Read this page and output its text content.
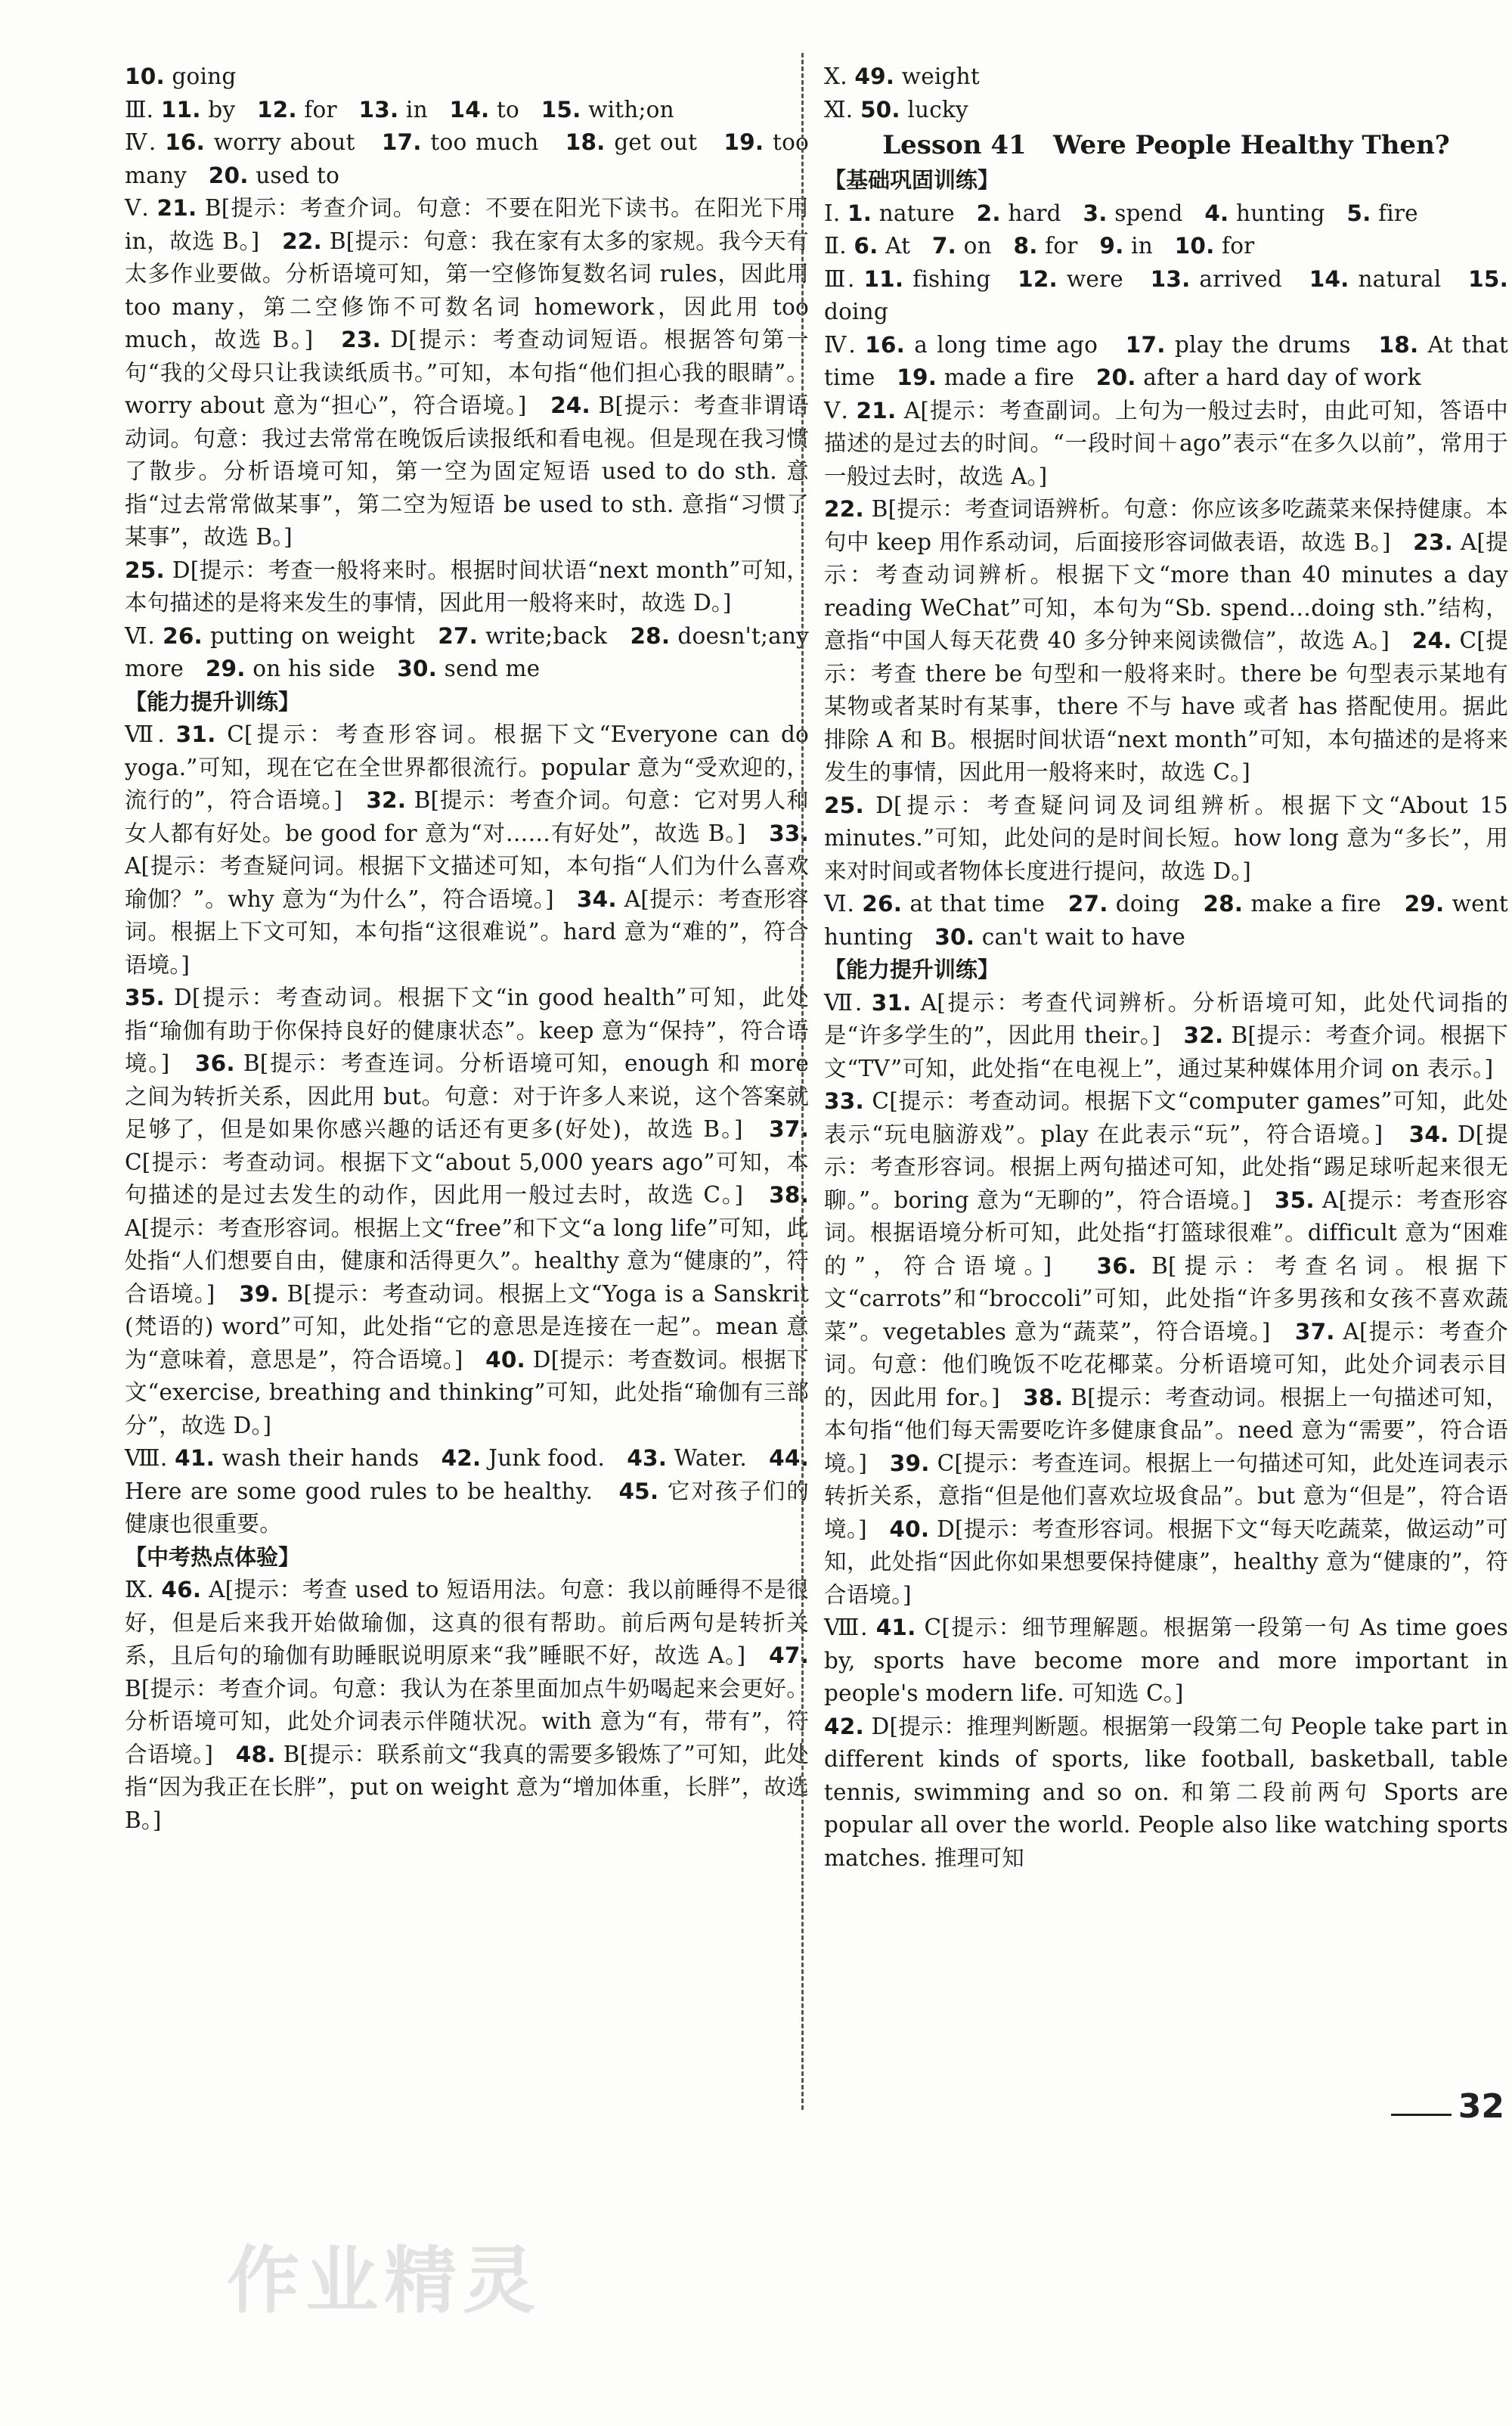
10. going

Ⅲ. 11. by   12. for   13. in   14. to   15. with;on

Ⅳ. 16. worry about   17. too much   18. get out   19. too many   20. used to

Ⅴ. 21. B[提示：考查介词。句意：不要在阳光下读书。在阳光下用 in，故选 B。]   22. B[提示：句意：我在家有太多的家规。我今天有太多作业要做。分析语境可知，第一空修饰复数名词 rules，因此用 too many，第二空修饰不可数名词 homework，因此用 too much，故选 B。]   23. D[提示：考查动词短语。根据答句第一句“我的父母只让我读纸质书。”可知，本句指“他们担心我的眼睛”。worry about 意为“担心”，符合语境。]   24. B[提示：考查非谓语动词。句意：我过去常常在晚饭后读报纸和看电视。但是现在我习惯了散步。分析语境可知，第一空为固定短语 used to do sth. 意指“过去常常做某事”，第二空为短语 be used to sth. 意指“习惯了某事”，故选 B。]

25. D[提示：考查一般将来时。根据时间状语“next month”可知，本句描述的是将来发生的事情，因此用一般将来时，故选 D。]

Ⅵ. 26. putting on weight   27. write;back   28. doesn't;any more   29. on his side   30. send me

【能力提升训练】

Ⅶ. 31. C[提示：考查形容词。根据下文“Everyone can do yoga.”可知，现在它在全世界都很流行。popular 意为“受欢迎的，流行的”，符合语境。]   32. B[提示：考查介词。句意：它对男人和女人都有好处。be good for 意为“对……有好处”，故选 B。]   33. A[提示：考查疑问词。根据下文描述可知，本句指“人们为什么喜欢瑜伽？”。why 意为“为什么”，符合语境。]   34. A[提示：考查形容词。根据上下文可知，本句指“这很难说”。hard 意为“难的”，符合语境。]

35. D[提示：考查动词。根据下文“in good health”可知，此处指“瑜伽有助于你保持良好的健康状态”。keep 意为“保持”，符合语境。]   36. B[提示：考查连词。分析语境可知，enough 和 more 之间为转折关系，因此用 but。句意：对于许多人来说，这个答案就足够了，但是如果你感兴趣的话还有更多(好处)，故选 B。]   37. C[提示：考查动词。根据下文“about 5,000 years ago”可知，本句描述的是过去发生的动作，因此用一般过去时，故选 C。]   38. A[提示：考查形容词。根据上文“free”和下文“a long life”可知，此处指“人们想要自由，健康和活得更久”。healthy 意为“健康的”，符合语境。]   39. B[提示：考查动词。根据上文“Yoga is a Sanskrit (梵语的) word”可知，此处指“它的意思是连接在一起”。mean 意为“意味着，意思是”，符合语境。]   40. D[提示：考查数词。根据下文“exercise, breathing and thinking”可知，此处指“瑜伽有三部分”，故选 D。]

Ⅷ. 41. wash their hands   42. Junk food.   43. Water.   44. Here are some good rules to be healthy.   45. 它对孩子们的健康也很重要。

【中考热点体验】

Ⅸ. 46. A[提示：考查 used to 短语用法。句意：我以前睡得不是很好，但是后来我开始做瑜伽，这真的很有帮助。前后两句是转折关系，且后句的瑜伽有助睡眠说明原来“我”睡眠不好，故选 A。]   47. B[提示：考查介词。句意：我认为在茶里面加点牛奶喝起来会更好。分析语境可知，此处介词表示伴随状况。with 意为“有，带有”，符合语境。]   48. B[提示：联系前文“我真的需要多锻炼了”可知，此处指“因为我正在长胖”，put on weight 意为“增加体重，长胖”，故选 B。]

Ⅹ. 49. weight

Ⅺ. 50. lucky

Lesson 41   Were People Healthy Then?

【基础巩固训练】

Ⅰ. 1. nature   2. hard   3. spend   4. hunting   5. fire

Ⅱ. 6. At   7. on   8. for   9. in   10. for

Ⅲ. 11. fishing   12. were   13. arrived   14. natural   15. doing

Ⅳ. 16. a long time ago   17. play the drums   18. At that time   19. made a fire   20. after a hard day of work

Ⅴ. 21. A[提示：考查副词。上句为一般过去时，由此可知，答语中描述的是过去的时间。“一段时间＋ago”表示“在多久以前”，常用于一般过去时，故选 A。]

22. B[提示：考查词语辨析。句意：你应该多吃蔬菜来保持健康。本句中 keep 用作系动词，后面接形容词做表语，故选 B。]   23. A[提示：考查动词辨析。根据下文“more than 40 minutes a day reading WeChat”可知，本句为“Sb. spend…doing sth.”结构，意指“中国人每天花费 40 多分钟来阅读微信”，故选 A。]   24. C[提示：考查 there be 句型和一般将来时。there be 句型表示某地有某物或者某时有某事，there 不与 have 或者 has 搭配使用。据此排除 A 和 B。根据时间状语“next month”可知，本句描述的是将来发生的事情，因此用一般将来时，故选 C。]

25. D[提示：考查疑问词及词组辨析。根据下文“About 15 minutes.”可知，此处问的是时间长短。how long 意为“多长”，用来对时间或者物体长度进行提问，故选 D。]

Ⅵ. 26. at that time   27. doing   28. make a fire   29. went hunting   30. can't wait to have

【能力提升训练】

Ⅶ. 31. A[提示：考查代词辨析。分析语境可知，此处代词指的是“许多学生的”，因此用 their。]   32. B[提示：考查介词。根据下文“TV”可知，此处指“在电视上”，通过某种媒体用介词 on 表示。]   33. C[提示：考查动词。根据下文“computer games”可知，此处表示“玩电脑游戏”。play 在此表示“玩”，符合语境。]   34. D[提示：考查形容词。根据上两句描述可知，此处指“踢足球听起来很无聊。”。boring 意为“无聊的”，符合语境。]   35. A[提示：考查形容词。根据语境分析可知，此处指“打篮球很难”。difficult 意为“困难的”，符合语境。]   36. B[提示：考查名词。根据下文“carrots”和“broccoli”可知，此处指“许多男孩和女孩不喜欢蔬菜”。vegetables 意为“蔬菜”，符合语境。]   37. A[提示：考查介词。句意：他们晚饭不吃花椰菜。分析语境可知，此处介词表示目的，因此用 for。]   38. B[提示：考查动词。根据上一句描述可知，本句指“他们每天需要吃许多健康食品”。need 意为“需要”，符合语境。]   39. C[提示：考查连词。根据上一句描述可知，此处连词表示转折关系，意指“但是他们喜欢垃圾食品”。but 意为“但是”，符合语境。]   40. D[提示：考查形容词。根据下文“每天吃蔬菜，做运动”可知，此处指“因此你如果想要保持健康”，healthy 意为“健康的”，符合语境。]

Ⅷ. 41. C[提示：细节理解题。根据第一段第一句 As time goes by, sports have become more and more important in people's modern life. 可知选 C。]

42. D[提示：推理判断题。根据第一段第二句 People take part in different kinds of sports, like football, basketball, table tennis, swimming and so on. 和第二段前两句 Sports are popular all over the world. People also like watching sports matches. 推理可知

32
作业精灵
